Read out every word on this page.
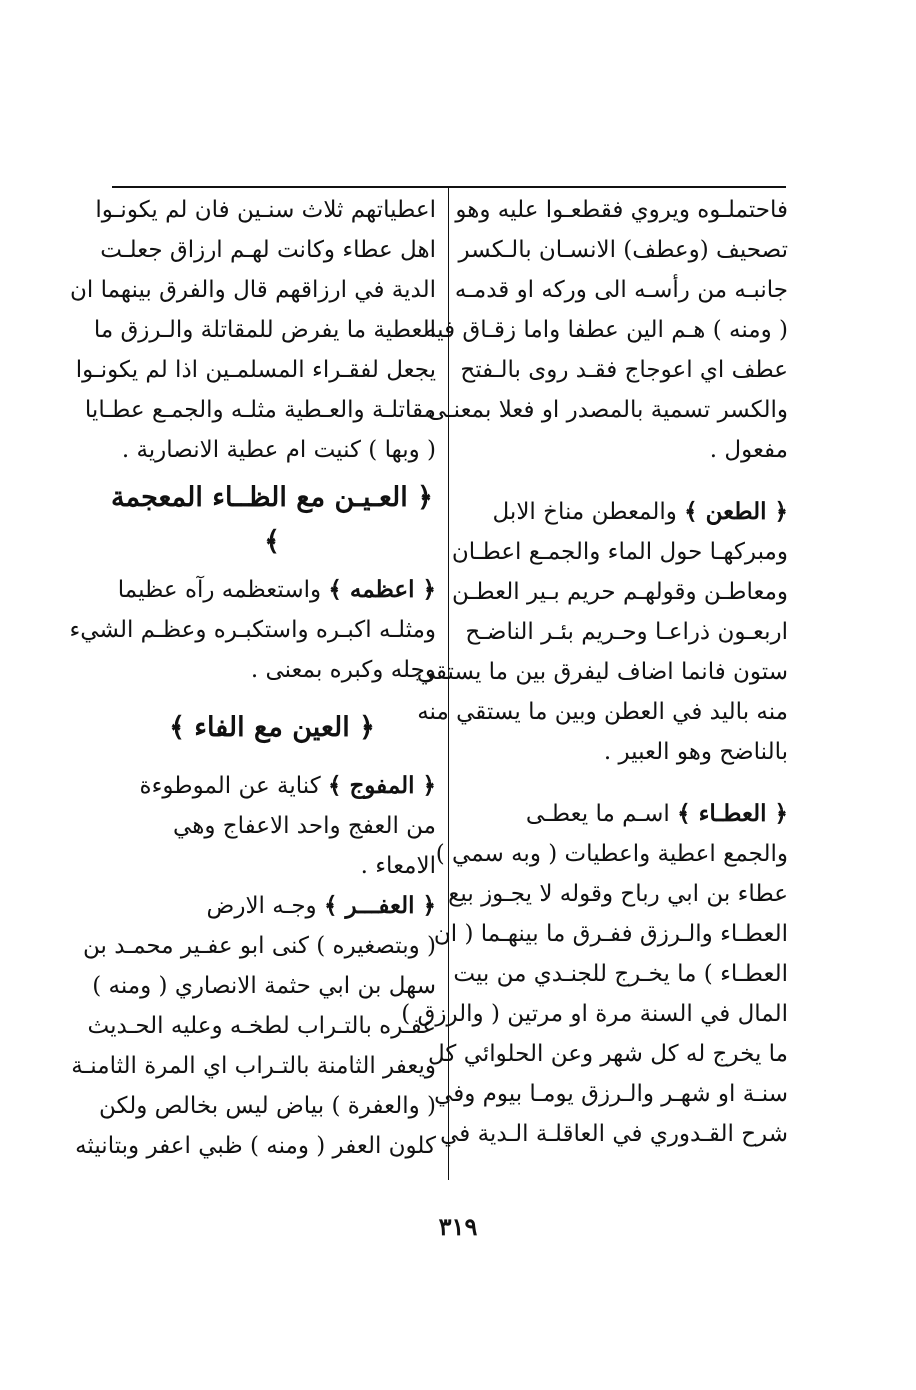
فاحتملـوه ويروي فقطعـوا عليه وهو
تصحيف (وعطف) الانسـان بالـكسر
جانبـه من رأسـه الى وركه او قدمـه
( ومنه ) هـم الين عطفا واما زقـاق فيه
عطف اي اعوجاج فقـد روى بالـفتح
والكسر تسمية بالمصدر او فعلا بمعنـى
مفعول .
﴿ الطعن ﴾ والمعطن مناخ الابل
ومبركهـا حول الماء والجمـع اعطـان
ومعاطـن وقولهـم حريم بـير العطـن
اربعـون ذراعـا وحـريم بئـر الناضـح
ستون فانما اضاف ليفرق بين ما يستقي
منه باليد في العطن وبين ما يستقي منه
بالناضح وهو العبير .
﴿ العطـاء ﴾ اسـم ما يعطـى
والجمع اعطية واعطيات ( وبه سمي )
عطاء بن ابي رباح وقوله لا يجـوز بيع
العطـاء والـرزق ففـرق ما بينهـما ( ان
العطـاء ) ما يخـرج للجنـدي من بيت
المال في السنة مرة او مرتين ( والرزق )
ما يخرج له كل شهر وعن الحلوائي كل
سنـة او شهـر والـرزق يومـا بيوم وفي
شرح القـدوري في العاقلـة الـدية في
اعطياتهم ثلاث سنـين فان لم يكونـوا
اهل عطاء وكانت لهـم ارزاق جعلـت
الدية في ارزاقهم قال والفرق بينهما ان
العطية ما يفرض للمقاتلة والـرزق ما
يجعل لفقـراء المسلمـين اذا لم يكونـوا
مقاتلـة والعـطية مثلـه والجمـع عطـايا
( وبها ) كنيت ام عطية الانصارية .
﴿ العـيـن مع الظــاء المعجمة ﴾
﴿ اعظمه ﴾ واستعظمه رآه عظيما
ومثلـه اكبـره واستكبـره وعظـم الشيء
وجله وكبره بمعنى .
﴿ العين مع الفاء ﴾
﴿ المفوج ﴾ كناية عن الموطوءة
من العفج واحد الاعفاج وهي
الامعاء .
﴿ العفـــر ﴾ وجـه الارض
( وبتصغيره ) كنى ابو عفـير محمـد بن
سهل بن ابي حثمة الانصاري ( ومنه )
عفـره بالتـراب لطخـه وعليه الحـديث
ويعفر الثامنة بالتـراب اي المرة الثامنـة
( والعفرة ) بياض ليس بخالص ولكن
كلون العفر ( ومنه ) ظبي اعفر وبتانيثه
٣١٩
